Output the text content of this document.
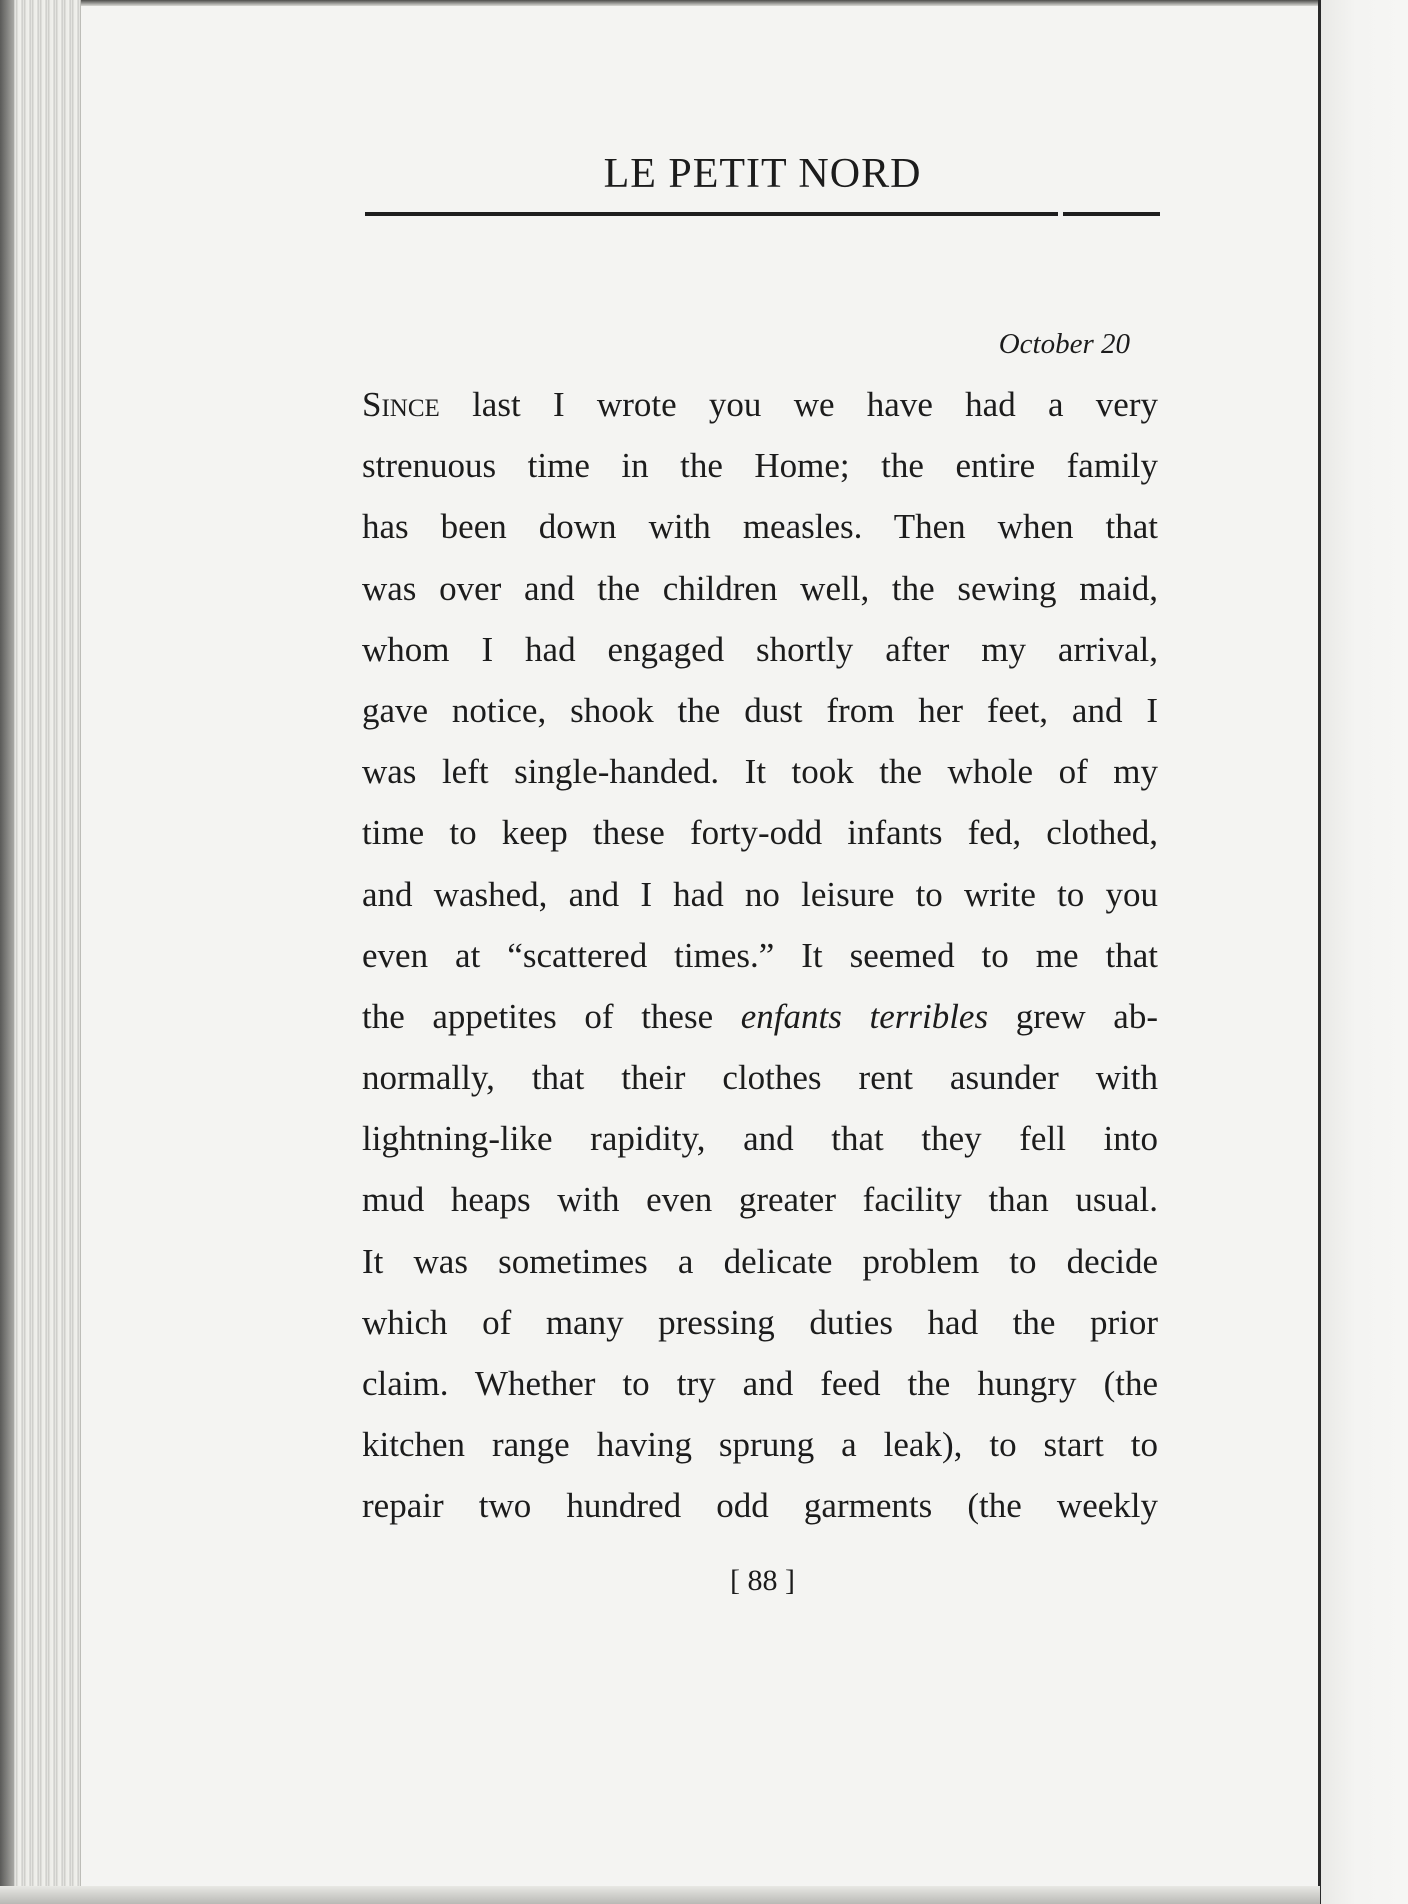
LE PETIT NORD
October 20
Since last I wrote you we have had a very
strenuous time in the Home; the entire family
has been down with measles. Then when that
was over and the children well, the sewing maid,
whom I had engaged shortly after my arrival,
gave notice, shook the dust from her feet, and I
was left single-handed. It took the whole of my
time to keep these forty-odd infants fed, clothed,
and washed, and I had no leisure to write to you
even at “scattered times.” It seemed to me that
the appetites of these enfants terribles grew ab-
normally, that their clothes rent asunder with
lightning-like rapidity, and that they fell into
mud heaps with even greater facility than usual.
It was sometimes a delicate problem to decide
which of many pressing duties had the prior
claim. Whether to try and feed the hungry (the
kitchen range having sprung a leak), to start to
repair two hundred odd garments (the weekly
[ 88 ]
